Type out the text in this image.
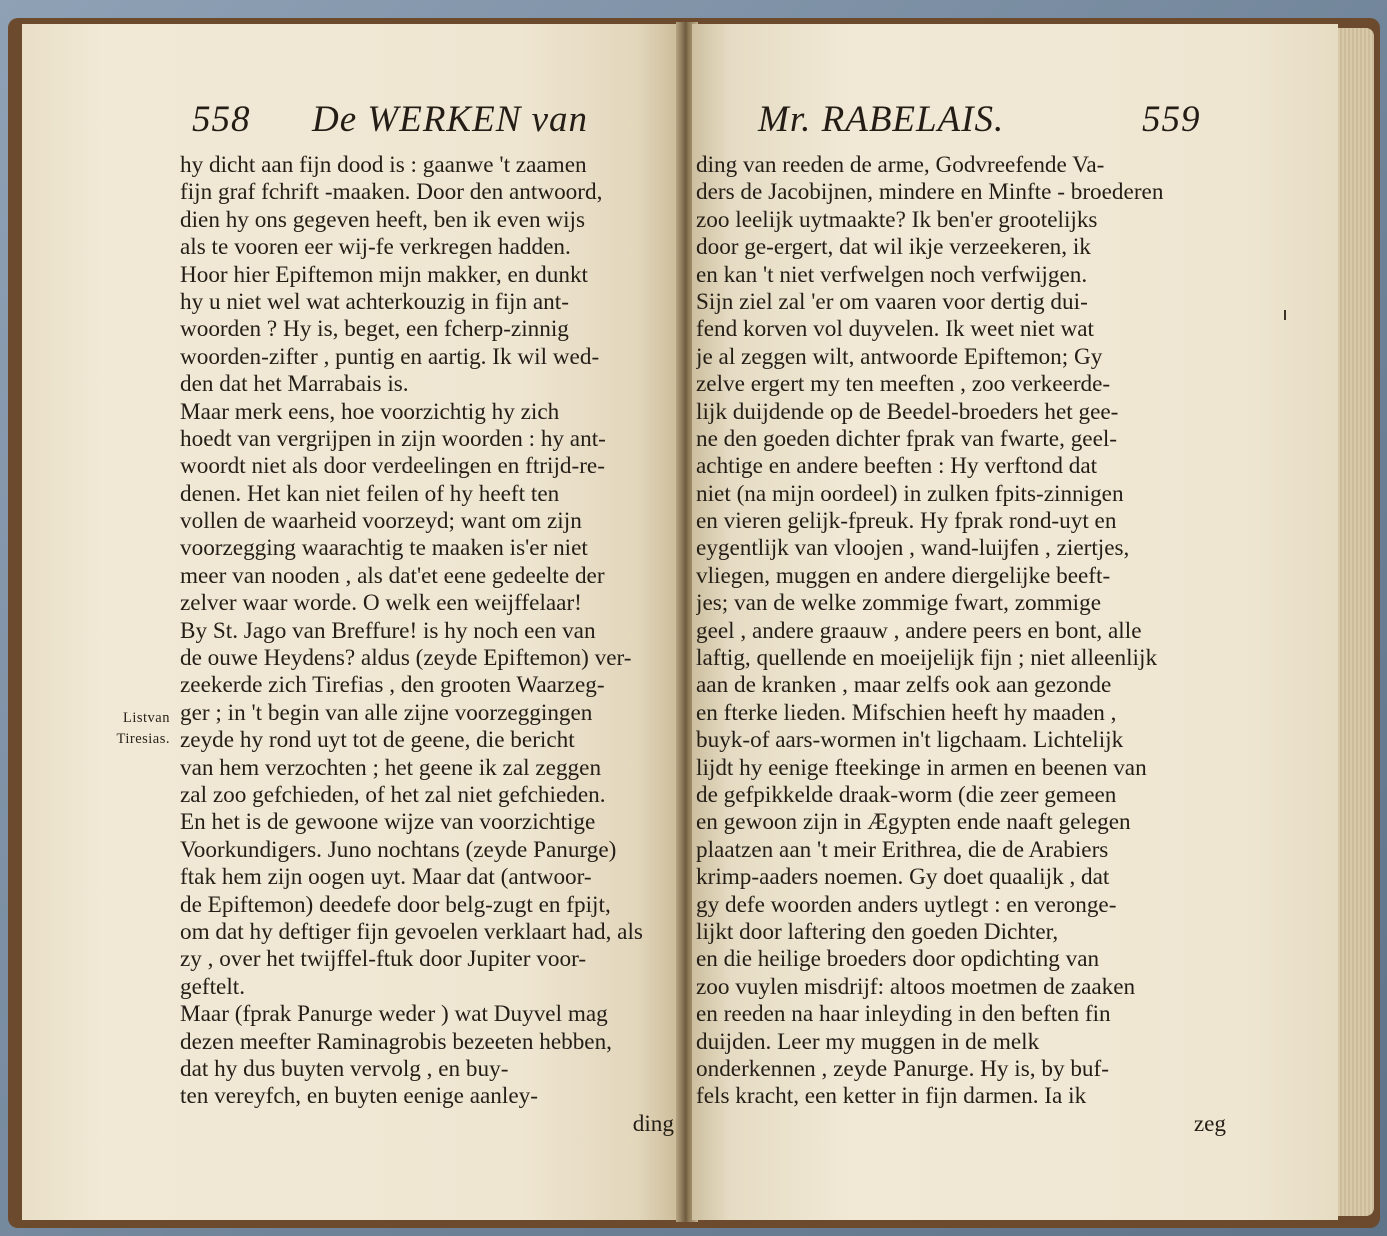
558 De WERKEN van
Listvan
Tiresias.
hy dicht aan fijn dood is : gaanwe 't zaamen
fijn graf fchrift -maaken. Door den antwoord,
dien hy ons gegeven heeft, ben ik even wijs
als te vooren eer wij-fe verkregen hadden.
Hoor hier Epiftemon mijn makker, en dunkt
hy u niet wel wat achterkouzig in fijn ant-
woorden ? Hy is, beget, een fcherp-zinnig
woorden-zifter , puntig en aartig. Ik wil wed-
den dat het Marrabais is.
Maar merk eens, hoe voorzichtig hy zich
hoedt van vergrijpen in zijn woorden : hy ant-
woordt niet als door verdeelingen en ftrijd-re-
denen. Het kan niet feilen of hy heeft ten
vollen de waarheid voorzeyd; want om zijn
voorzegging waarachtig te maaken is'er niet
meer van nooden , als dat'et eene gedeelte der
zelver waar worde. O welk een weijffelaar!
By St. Jago van Breffure! is hy noch een van
de ouwe Heydens? aldus (zeyde Epiftemon) ver-
zeekerde zich Tirefias , den grooten Waarzeg-
ger ; in 't begin van alle zijne voorzeggingen
zeyde hy rond uyt tot de geene, die bericht
van hem verzochten ; het geene ik zal zeggen
zal zoo gefchieden, of het zal niet gefchieden.
En het is de gewoone wijze van voorzichtige
Voorkundigers. Juno nochtans (zeyde Panurge)
ftak hem zijn oogen uyt. Maar dat (antwoor-
de Epiftemon) deedefe door belg-zugt en fpijt,
om dat hy deftiger fijn gevoelen verklaart had, als
zy , over het twijffel-ftuk door Jupiter voor-
geftelt.
Maar (fprak Panurge weder ) wat Duyvel mag
dezen meefter Raminagrobis bezeeten hebben,
dat hy dus buyten vervolg , en buy-
ten vereyfch, en buyten eenige aanley-
ding
Mr. RABELAIS.	559
ding van reeden de arme, Godvreefende Va-
ders de Jacobijnen, mindere en Minfte - broederen
zoo leelijk uytmaakte? Ik ben'er grootelijks
door ge-ergert, dat wil ikje verzeekeren, ik
en kan 't niet verfwelgen noch verfwijgen.
Sijn ziel zal 'er om vaaren voor dertig dui-
fend korven vol duyvelen. Ik weet niet wat
je al zeggen wilt, antwoorde Epiftemon; Gy
zelve ergert my ten meeften , zoo verkeerde-
lijk duijdende op de Beedel-broeders het gee-
ne den goeden dichter fprak van fwarte, geel-
achtige en andere beeften : Hy verftond dat
niet (na mijn oordeel) in zulken fpits-zinnigen
en vieren gelijk-fpreuk. Hy fprak rond-uyt en
eygentlijk van vloojen , wand-luijfen , ziertjes,
vliegen, muggen en andere diergelijke beeft-
jes; van de welke zommige fwart, zommige
geel , andere graauw , andere peers en bont, alle
laftig, quellende en moeijelijk fijn ; niet alleenlijk
aan de kranken , maar zelfs ook aan gezonde
en fterke lieden. Mifschien heeft hy maaden ,
buyk-of aars-wormen in't ligchaam. Lichtelijk
lijdt hy eenige fteekinge in armen en beenen van
de gefpikkelde draak-worm (die zeer gemeen
en gewoon zijn in Ægypten ende naaft gelegen
plaatzen aan 't meir Erithrea, die de Arabiers
krimp-aaders noemen. Gy doet quaalijk , dat
gy defe woorden anders uytlegt : en veronge-
lijkt door laftering den goeden Dichter,
en die heilige broeders door opdichting van
zoo vuylen misdrijf: altoos moetmen de zaaken
en reeden na haar inleyding in den beften fin
duijden. Leer my muggen in de melk
onderkennen , zeyde Panurge. Hy is, by buf-
fels kracht, een ketter in fijn darmen. Ia ik
zeg
